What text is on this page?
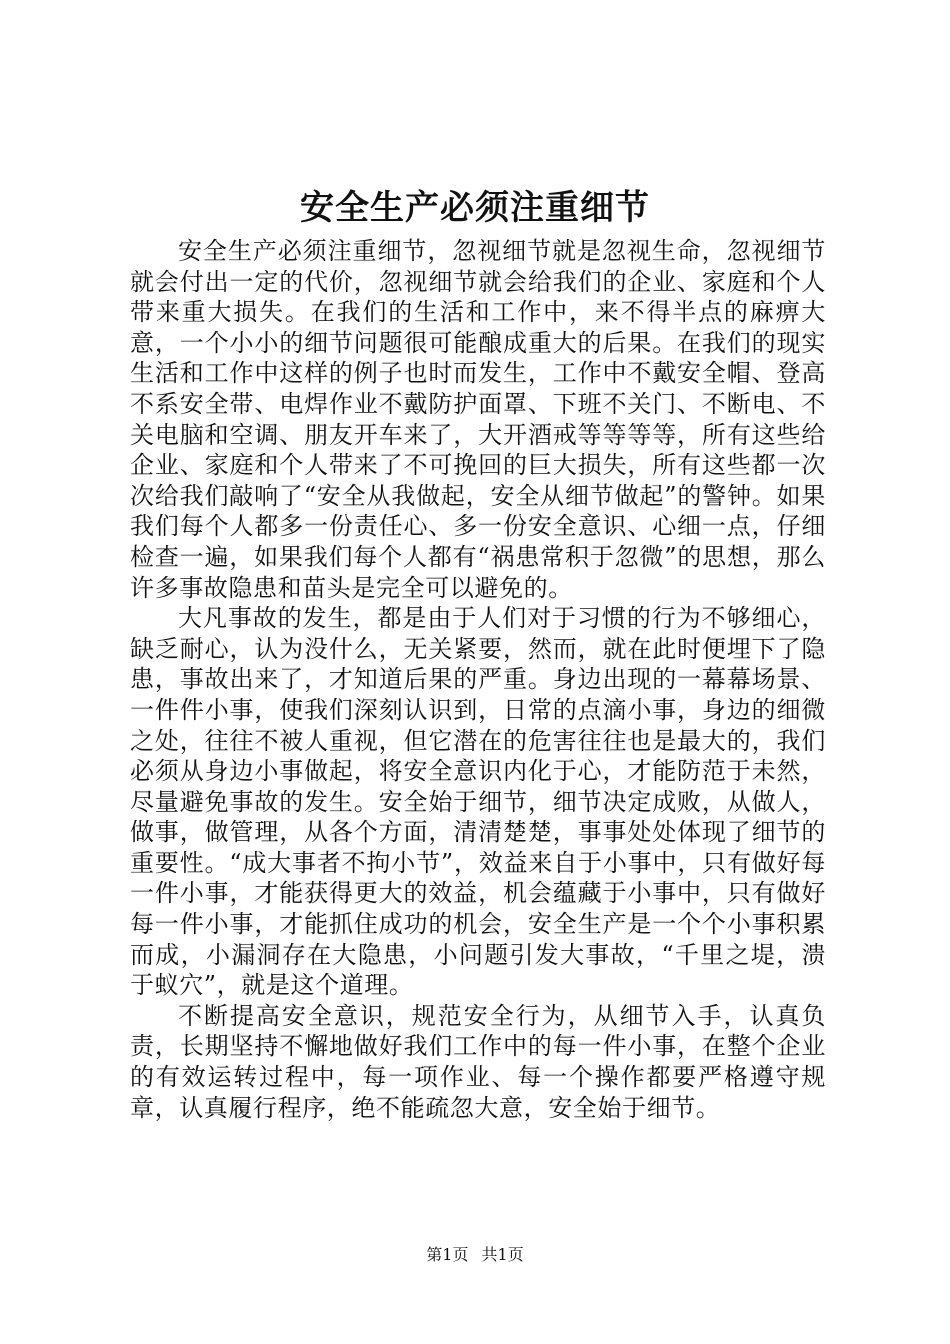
安全生产必须注重细节

安全生产必须注重细节，忽视细节就是忽视生命，忽视细节就会付出一定的代价，忽视细节就会给我们的企业、家庭和个人带来重大损失。在我们的生活和工作中，来不得半点的麻痹大意，一个小小的细节问题很可能酿成重大的后果。在我们的现实生活和工作中这样的例子也时而发生，工作中不戴安全帽、登高不系安全带、电焊作业不戴防护面罩、下班不关门、不断电、不关电脑和空调、朋友开车来了，大开酒戒等等等等，所有这些给企业、家庭和个人带来了不可挽回的巨大损失，所有这些都一次次给我们敲响了“安全从我做起，安全从细节做起”的警钟。如果我们每个人都多一份责任心、多一份安全意识、心细一点，仔细检查一遍，如果我们每个人都有“祸患常积于忽微”的思想，那么许多事故隐患和苗头是完全可以避免的。

大凡事故的发生，都是由于人们对于习惯的行为不够细心，缺乏耐心，认为没什么，无关紧要，然而，就在此时便埋下了隐患，事故出来了，才知道后果的严重。身边出现的一幕幕场景、一件件小事，使我们深刻认识到，日常的点滴小事，身边的细微之处，往往不被人重视，但它潜在的危害往往也是最大的，我们必须从身边小事做起，将安全意识内化于心，才能防范于未然，尽量避免事故的发生。安全始于细节，细节决定成败，从做人，做事，做管理，从各个方面，清清楚楚，事事处处体现了细节的重要性。“成大事者不拘小节”，效益来自于小事中，只有做好每一件小事，才能获得更大的效益，机会蕴藏于小事中，只有做好每一件小事，才能抓住成功的机会，安全生产是一个个小事积累而成，小漏洞存在大隐患，小问题引发大事故，“千里之堤，溃于蚁穴”，就是这个道理。

不断提高安全意识，规范安全行为，从细节入手，认真负责，长期坚持不懈地做好我们工作中的每一件小事，在整个企业的有效运转过程中，每一项作业、每一个操作都要严格遵守规章，认真履行程序，绝不能疏忽大意，安全始于细节。

第1页 共1页
